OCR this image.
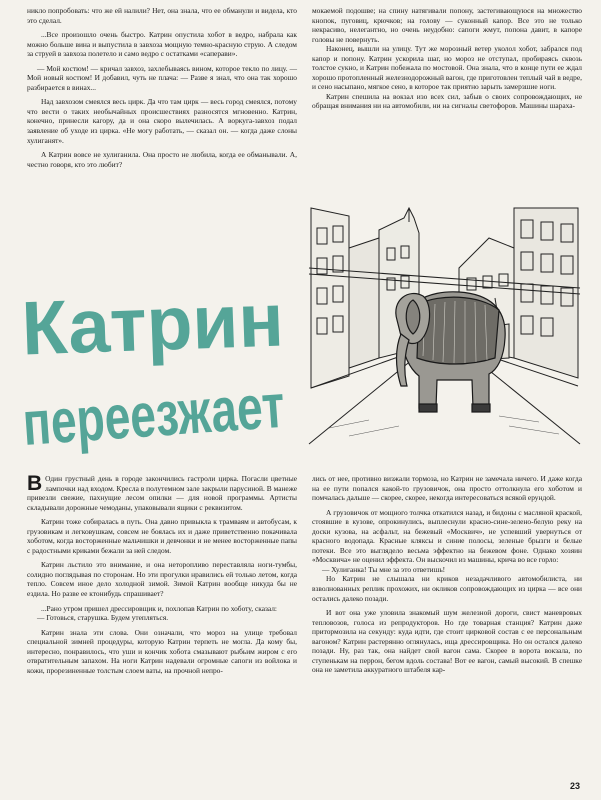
никло попробовать: что же ей налили? Нет, она знала, что ее обманули и видела, кто это сделал.

...Все произошло очень быстро. Катрин опустила хобот в ведро, набрала как можно больше вина и выпустила в завхоза мощную темно-красную струю. А следом за струей в завхоза полетело и само ведро с остатками «саперави».

— Мой костюм! — кричал завхоз, захлебываясь вином, которое текло по лицу. — Мой новый костюм! И добавил, чуть не плача: — Разве я знал, что она так хорошо разбирается в винах...

Над завхозом смеялся весь цирк. Да что там цирк — весь город смеялся, потому что вести о таких необычайных происшествиях разносятся мгновенно. Катрин, конечно, принесли кагору, да и она скоро вылечилась. А воркуга-завхоз подал заявление об уходе из цирка. «Не могу работать, — сказал он. — когда даже слоны хулиганят».

А Катрин вовсе не хулиганила. Она просто не любила, когда ее обманывали. А, честно говоря, кто это любит?

мокаемой подошве; на спину натягивали попону, застегивающуюся на множество кнопок, пуговиц, крючков; на голову — суконный капор. Все это не только некрасиво, нелегантно, но очень неудобно: сапоги жмут, попона давит, в капоре головы не повернуть.

Наконец, вышли на улицу. Тут же морозный ветер уколол хобот, забрался под капор и попону. Катрин ускорила шаг, но мороз не отступал, пробираясь сквозь толстое сукно, и Катрин побежала по мостовой. Она знала, что в конце пути ее ждал хорошо протопленный железнодорожный вагон, где приготовлен теплый чай в ведре, и сено насыпано, мягкое сено, в которое так приятно зарыть замерзшие ноги.

Катрин спешила на вокзал изо всех сил, забыв о своих сопровождающих, не обращая внимания ни на автомобили, ни на сигналы светофоров. Машины шараха-

Катрин
переезжает

В Один грустный день в городе закончились гастроли цирка. Погасли цветные лампочки над входом. Кресла в полутемном зале закрыли парусиной. В манеже привезли свежие, пахнущие лесом опилки — для новой программы. Артисты складывали дорожные чемоданы, упаковывали ящики с реквизитом.

Катрин тоже собиралась в путь. Она давно привыкла к трамваям и автобусам, к грузовикам и легковушкам, совсем не боялась их и даже приветственно покачивала хоботом, когда восторженные мальчишки и девчонки и не менее восторженные папы с радостными криками бежали за ней следом.

Катрин льстило это внимание, и она неторопливо переставляла ноги-тумбы, солидно поглядывая по сторонам. Но эти прогулки нравились ей только летом, когда тепло. Совсем иное дело холодной зимой. Зимой Катрин вообще никуда бы не ездила. Но разве ее ктонибудь спрашивает?

...Рано утром пришел дрессировщик и, похлопав Катрин по хоботу, сказал:

— Готовься, старушка. Будем утепляться.

Катрин знала эти слова. Они означали, что мороз на улице требовал специальной зимней процедуры, которую Катрин терпеть не могла. Да кому бы, интересно, понравилось, что уши и кончик хобота смазывают рыбьим жиром с его отвратительным запахом. На ноги Катрин надевали огромные сапоги из войлока и кожи, прорезиненные толстым слоем ваты, на прочной непро-

лись от нее, противно визжали тормоза, но Катрин не замечала ничего. И даже когда на ее пути попался какой-то грузовичок, она просто оттолкнула его хоботом и помчалась дальше — скорее, скорее, некогда интересоваться всякой ерундой.

А грузовичок от мощного толчка откатился назад, и бидоны с масляной краской, стоявшие в кузове, опрокинулись, выплеснули красно-сине-зелено-белую реку на доски кузова, на асфальт, на бежевый «Москвич», не успевший увернуться от красного водопада. Красные кляксы и синие полосы, зеленые брызги и белые потеки. Все это выглядело весьма эффектно на бежевом фоне. Однако хозяин «Москвича» не оценил эффекта. Он выскочил из машины, крича во все горло:

— Хулиганка! Ты мне за это ответишь!

Но Катрин не слышала ни криков незадачливого автомобилиста, ни взволнованных реплик прохожих, ни окликов сопровождающих из цирка — все они остались далеко позади.

И вот она уже уловила знакомый шум железной дороги, свист маневровых тепловозов, голоса из репродукторов. Но где товарная станция? Катрин даже притормозила на секунду: куда идти, где стоит цирковой состав с ее персональным вагоном? Катрин растерянно оглянулась, ища дрессировщика. Но он остался далеко позади. Ну, раз так, она найдет свой вагон сама. Скорее в ворота вокзала, по ступенькам на перрон, бегом вдоль состава! Вот ее вагон, самый высокий. В спешке она не заметила аккуратного штабеля кар-

23
